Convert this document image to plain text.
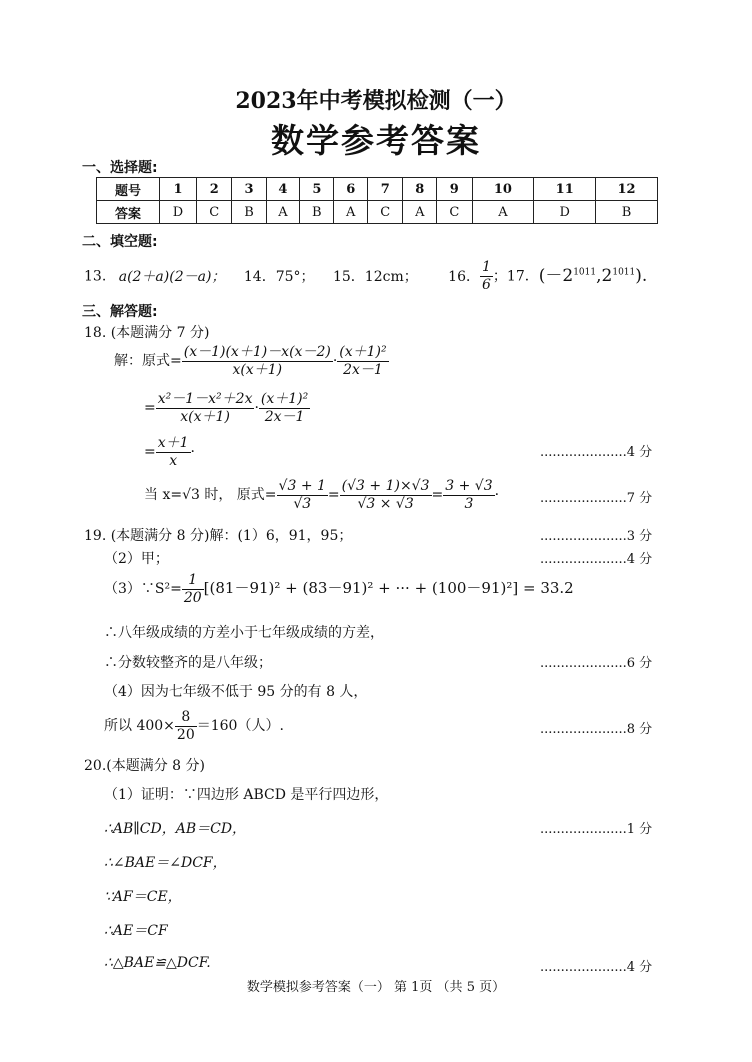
2023年中考模拟检测（一）
数学参考答案
一、选择题:
题号	1	2	3	4	5	6	7	8	9	10	11	12
答案	D	C	B	A	B	A	C	A	C	A	D	B
二、填空题:
13. a(2＋a)(2－a)； 14．75°； 15．12cm； 16． $\frac{1}{6}$ ；17．$(-2^{1011},2^{1011})$.
三、解答题:
18. (本题满分 7 分)
解：原式= $\frac{(x-1)(x+1)-x(x-2)}{x(x+1)} \cdot \frac{\text{(x＋1)²}}{2x-1}$
= $\frac{\text{x²－1－x²＋2x}}{x(x+1)} \cdot \frac{\text{(x＋1)²}}{2x-1}$
= $\frac{x+1}{x}$ ·	.....................4 分
当 x=√3 时， 原式= $\frac{√3 + 1}{√3} = \frac{(√3 + 1)\times√3}{√3 \times √3} = \frac{3 + √3}{3}$ ·	.....................7 分
19. (本题满分 8 分)解：(1）6，91，95；	.....................3 分
（2）甲；	.....................4 分
（3）∵S²= $\frac{1}{20} [(81-91)^2 + (83-91)^2$ + ··· + (100－91)²] = 33.2
∴八年级成绩的方差小于七年级成绩的方差，
∴分数较整齐的是八年级；	.....................6 分
（4）因为七年级不低于 95 分的有 8 人，
所以 $400\times \frac{8}{20} =160$（人）.	.....................8 分
20.(本题满分 8 分)
（1）证明：∵四边形 ABCD 是平行四边形，
∴AB∥CD，AB＝CD，	.....................1 分
∴∠BAE＝∠DCF，
∵AF＝CE，
∴AE＝CF
∴△BAE≌△DCF.	.....................4 分
数学模拟参考答案（一） 第 1页 （共 5 页）
